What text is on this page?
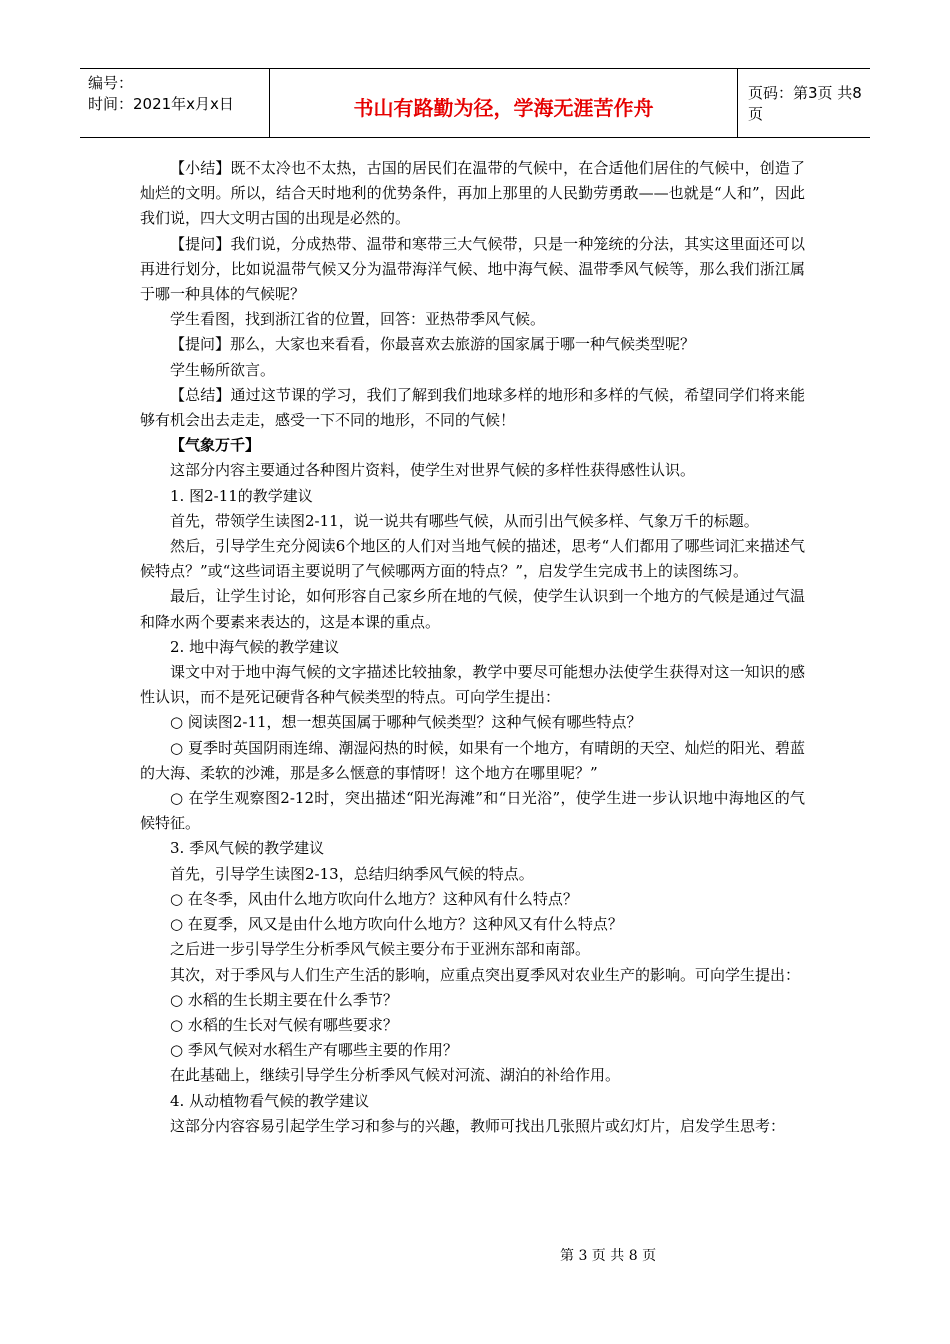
编号：
时间：2021年x月x日	书山有路勤为径，学海无涯苦作舟
页码：第3页 共8页

【小结】既不太冷也不太热，古国的居民们在温带的气候中，在合适他们居住的气候中，创造了灿烂的文明。所以，结合天时地利的优势条件，再加上那里的人民勤劳勇敢——也就是“人和”，因此我们说，四大文明古国的出现是必然的。

【提问】我们说，分成热带、温带和寒带三大气候带，只是一种笼统的分法，其实这里面还可以再进行划分，比如说温带气候又分为温带海洋气候、地中海气候、温带季风气候等，那么我们浙江属于哪一种具体的气候呢？

学生看图，找到浙江省的位置，回答：亚热带季风气候。

【提问】那么，大家也来看看，你最喜欢去旅游的国家属于哪一种气候类型呢？

学生畅所欲言。

【总结】通过这节课的学习，我们了解到我们地球多样的地形和多样的气候，希望同学们将来能够有机会出去走走，感受一下不同的地形，不同的气候！

【气象万千】

这部分内容主要通过各种图片资料，使学生对世界气候的多样性获得感性认识。

1. 图2-11的教学建议

首先，带领学生读图2-11，说一说共有哪些气候，从而引出气候多样、气象万千的标题。

然后，引导学生充分阅读6个地区的人们对当地气候的描述，思考“人们都用了哪些词汇来描述气候特点？”或“这些词语主要说明了气候哪两方面的特点？”，启发学生完成书上的读图练习。

最后，让学生讨论，如何形容自己家乡所在地的气候，使学生认识到一个地方的气候是通过气温和降水两个要素来表达的，这是本课的重点。

2. 地中海气候的教学建议

课文中对于地中海气候的文字描述比较抽象，教学中要尽可能想办法使学生获得对这一知识的感性认识，而不是死记硬背各种气候类型的特点。可向学生提出：

○ 阅读图2-11，想一想英国属于哪种气候类型？这种气候有哪些特点？

○ 夏季时英国阴雨连绵、潮湿闷热的时候，如果有一个地方，有晴朗的天空、灿烂的阳光、碧蓝的大海、柔软的沙滩，那是多么惬意的事情呀！这个地方在哪里呢？”

○ 在学生观察图2-12时，突出描述“阳光海滩”和“日光浴”，使学生进一步认识地中海地区的气候特征。

3. 季风气候的教学建议

首先，引导学生读图2-13，总结归纳季风气候的特点。

○ 在冬季，风由什么地方吹向什么地方？这种风有什么特点？

○ 在夏季，风又是由什么地方吹向什么地方？这种风又有什么特点？

之后进一步引导学生分析季风气候主要分布于亚洲东部和南部。

其次，对于季风与人们生产生活的影响，应重点突出夏季风对农业生产的影响。可向学生提出：

○ 水稻的生长期主要在什么季节？

○ 水稻的生长对气候有哪些要求？

○ 季风气候对水稻生产有哪些主要的作用？

在此基础上，继续引导学生分析季风气候对河流、湖泊的补给作用。

4. 从动植物看气候的教学建议

这部分内容容易引起学生学习和参与的兴趣，教师可找出几张照片或幻灯片，启发学生思考：

第 3 页 共 8 页
